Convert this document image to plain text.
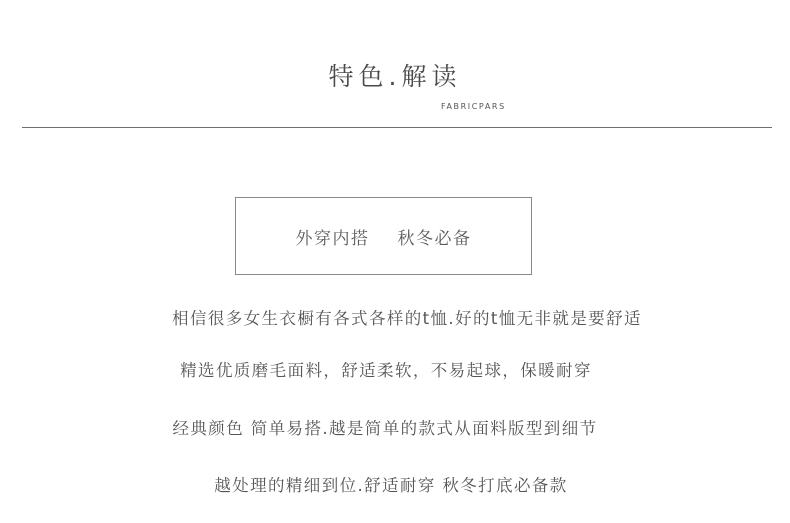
特色.解读
FABRICPARS
外穿内搭 秋冬必备
相信很多女生衣橱有各式各样的t恤.好的t恤无非就是要舒适
精选优质磨毛面料，舒适柔软，不易起球，保暖耐穿
经典颜色 简单易搭.越是简单的款式从面料版型到细节
越处理的精细到位.舒适耐穿 秋冬打底必备款
